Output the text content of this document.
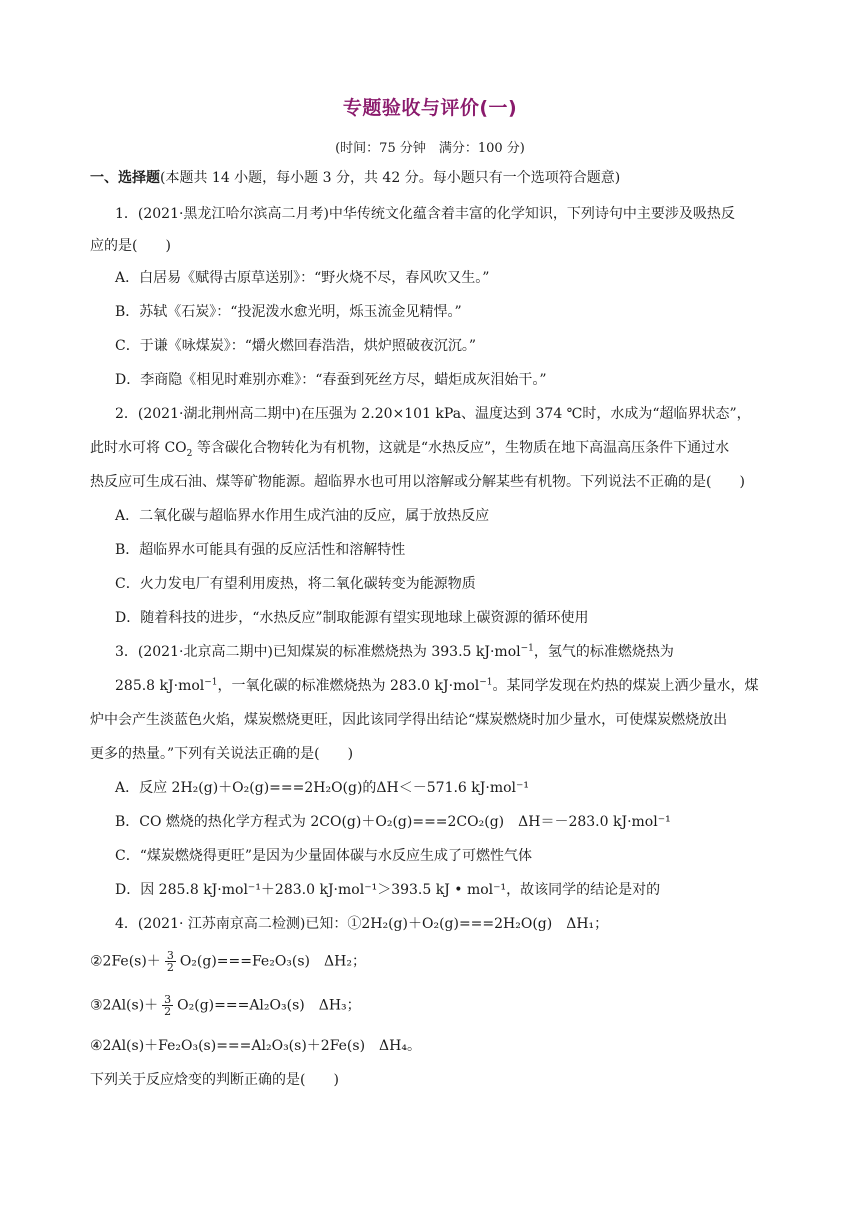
专题验收与评价(一)
(时间：75 分钟　满分：100 分)
一、选择题(本题共 14 小题，每小题 3 分，共 42 分。每小题只有一个选项符合题意)
1．(2021·黑龙江哈尔滨高二月考)中华传统文化蕴含着丰富的化学知识，下列诗句中主要涉及吸热反
应的是(　　)
A．白居易《赋得古原草送别》：“野火烧不尽，春风吹又生。”
B．苏轼《石炭》：“投泥泼水愈光明，烁玉流金见精悍。”
C．于谦《咏煤炭》：“爝火燃回春浩浩，烘炉照破夜沉沉。”
D．李商隐《相见时难别亦难》：“春蚕到死丝方尽，蜡炬成灰泪始干。”
2．(2021·湖北荆州高二期中)在压强为 2.20×101 kPa、温度达到 374 ℃时，水成为“超临界状态”，
此时水可将 $CO_2$ 等含碳化合物转化为有机物，这就是“水热反应”，生物质在地下高温高压条件下通过水
热反应可生成石油、煤等矿物能源。超临界水也可用以溶解或分解某些有机物。下列说法不正确的是(　　)
A．二氧化碳与超临界水作用生成汽油的反应，属于放热反应
B．超临界水可能具有强的反应活性和溶解特性
C．火力发电厂有望利用废热，将二氧化碳转变为能源物质
D．随着科技的进步，“水热反应”制取能源有望实现地球上碳资源的循环使用
3．(2021·北京高二期中)已知煤炭的标准燃烧热为 393.5 kJ·mol$^{-1}$，氢气的标准燃烧热为
285.8 kJ·mol$^{-1}$，一氧化碳的标准燃烧热为 283.0 kJ·mol$^{-1}$。某同学发现在灼热的煤炭上洒少量水，煤
炉中会产生淡蓝色火焰，煤炭燃烧更旺，因此该同学得出结论“煤炭燃烧时加少量水，可使煤炭燃烧放出
更多的热量。”下列有关说法正确的是(　　)
A．反应 2H₂(g)＋O₂(g)===2H₂O(g)的ΔH＜－571.6 kJ·mol⁻¹
B．CO 燃烧的热化学方程式为 2CO(g)＋O₂(g)===2CO₂(g)　ΔH＝－283.0 kJ·mol⁻¹
C．“煤炭燃烧得更旺”是因为少量固体碳与水反应生成了可燃性气体
D．因 285.8 kJ·mol⁻¹＋283.0 kJ·mol⁻¹＞393.5 kJ • mol⁻¹，故该同学的结论是对的
4．(2021· 江苏南京高二检测)已知：①2H₂(g)＋O₂(g)===2H₂O(g)　ΔH₁；
②2Fe(s)＋ $\frac{3}{2} O_2(g)===Fe_2O_3(s)$　ΔH₂；
③2Al(s)＋ $\frac{3}{2} O_2(g)===Al_2O_3(s)$　ΔH₃；
④2Al(s)＋Fe₂O₃(s)===Al₂O₃(s)＋2Fe(s)　ΔH₄。
下列关于反应焓变的判断正确的是(　　)
